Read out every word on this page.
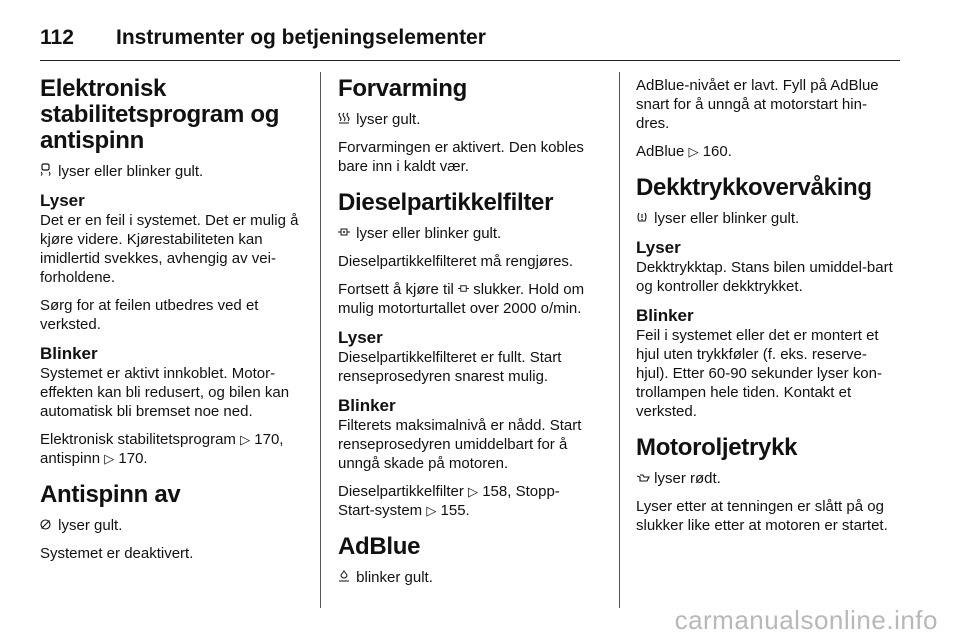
112	Instrumenter og betjeningselementer
Elektronisk
stabilitetsprogram og
antispinn

lyser eller blinker gult.

Lyser

Det er en feil i systemet. Det er mulig å kjøre videre. Kjørestabiliteten kan imidlertid svekkes, avhengig av vei-forholdene.

Sørg for at feilen utbedres ved et verksted.

Blinker

Systemet er aktivt innkoblet. Motor-
effekten kan bli redusert, og bilen kan automatisk bli bremset noe ned.

Elektronisk stabilitetsprogram ▷ 170,
antispinn ▷ 170.

Antispinn av

lyser gult.

Systemet er deaktivert.

Forvarming

lyser gult.

Forvarmingen er aktivert. Den kobles bare inn i kaldt vær.

Dieselpartikkelfilter

lyser eller blinker gult.

Dieselpartikkelfilteret må rengjøres.

Fortsett å kjøre til slukker. Hold om mulig motorturtallet over 2000 o/min.

Lyser

Dieselpartikkelfilteret er fullt. Start renseprosedyren snarest mulig.

Blinker

Filterets maksimalnivå er nådd. Start renseprosedyren umiddelbart for å unngå skade på motoren.

Dieselpartikkelfilter ▷ 158, Stopp-
Start-system ▷ 155.

AdBlue

blinker gult.

AdBlue-nivået er lavt. Fyll på AdBlue snart for å unngå at motorstart hin-dres.

AdBlue ▷ 160.

Dekktrykkovervåking

lyser eller blinker gult.

Lyser

Dekktrykktap. Stans bilen umiddel-bart og kontroller dekktrykket.

Blinker

Feil i systemet eller det er montert et hjul uten trykkføler (f. eks. reserve-hjul). Etter 60-90 sekunder lyser kon-trollampen hele tiden. Kontakt et verksted.

Motoroljetrykk

lyser rødt.

Lyser etter at tenningen er slått på og slukker like etter at motoren er startet.

carmanualsonline.info
